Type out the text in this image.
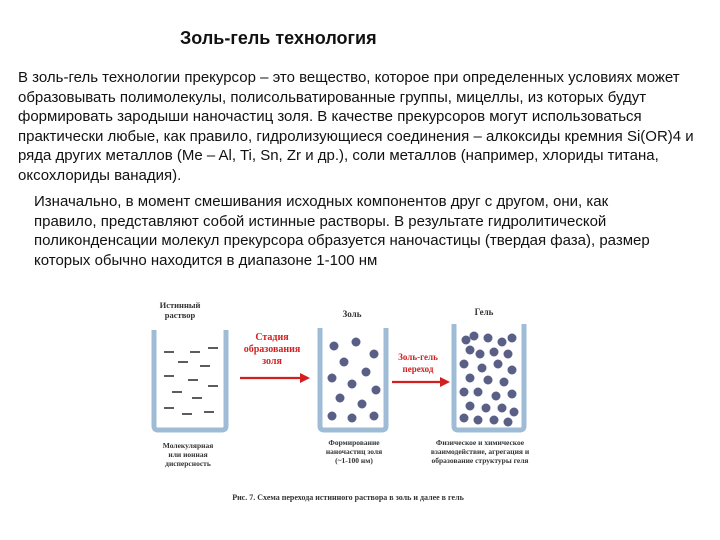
Золь-гель технология
В золь-гель технологии прекурсор – это вещество, которое при определенных условиях может образовывать полимолекулы, полисольватированные группы, мицеллы, из которых будут формировать зародыши наночастиц золя. В качестве прекурсоров могут использоваться практически любые, как правило, гидролизующиеся соединения – алкоксиды кремния Si(OR)4 и ряда других металлов (Me – Al, Ti, Sn, Zr и др.), соли металлов (например, хлориды титана, оксохлориды ванадия).
Изначально, в момент смешивания исходных компонентов друг с другом, они, как правило, представляют собой истинные растворы. В результате гидролитической поликонденсации молекул прекурсора образуется наночастицы (твердая фаза), размер которых обычно находится в диапазоне 1-100 нм
Истинный
раствор
Молекулярная
или ионная
дисперсность
Стадия
образования
золя
Золь
Формирование
наночастиц золя
(~1-100 нм)
Золь-гель
переход
Гель
Физическое и химическое
взаимодействие, агрегация и
образование структуры геля
Рис. 7. Схема перехода истинного раствора в золь и далее в гель
